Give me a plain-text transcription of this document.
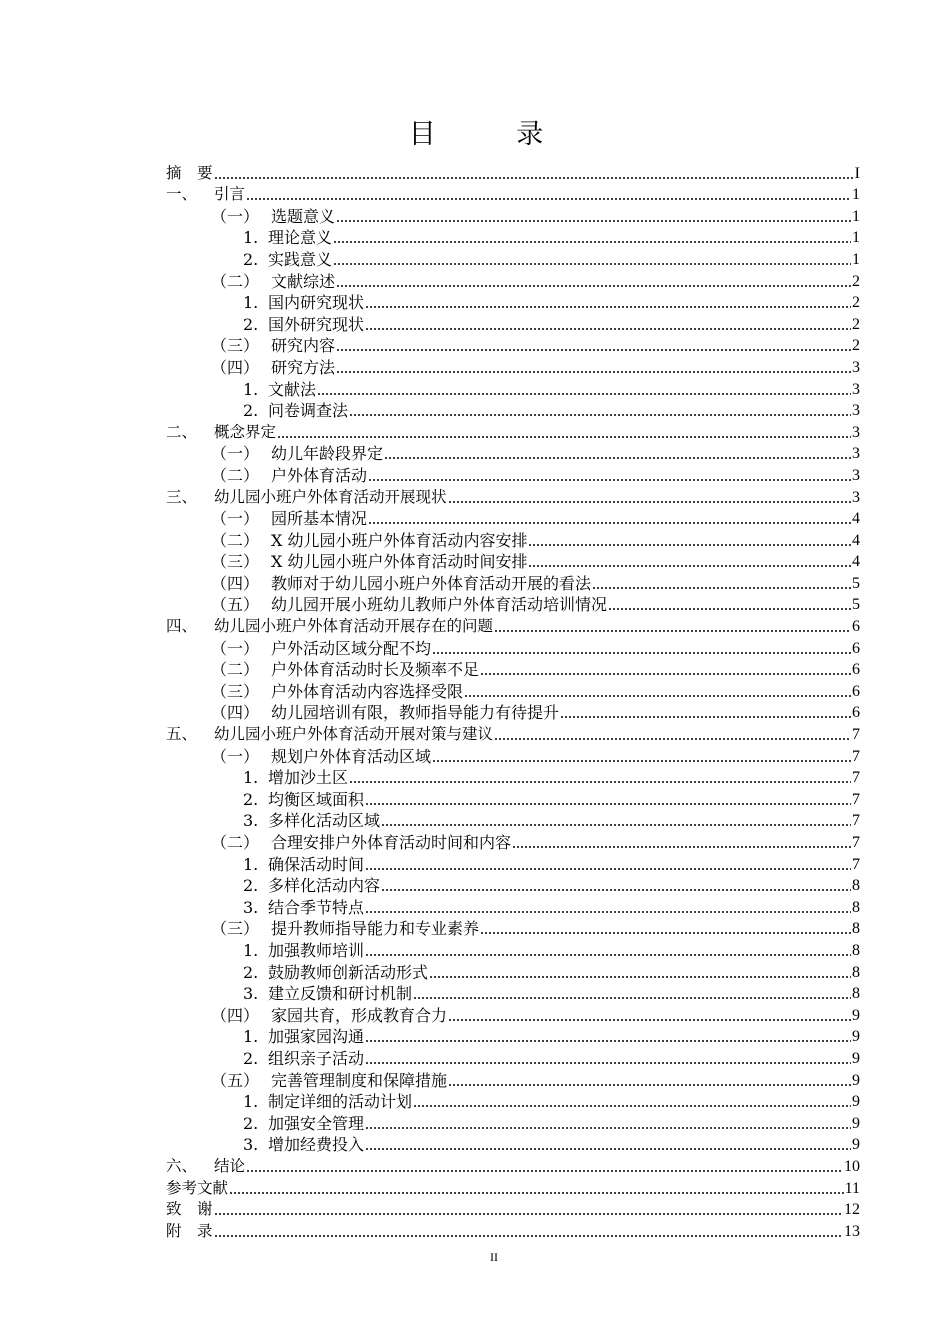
目 录
摘　要	I
一、	引言	1
（一） 选题意义	1
1. 理论意义	1
2. 实践意义	1
（二） 文献综述	2
1. 国内研究现状	2
2. 国外研究现状	2
（三） 研究内容	2
（四） 研究方法	3
1. 文献法	3
2. 问卷调查法	3
二、	概念界定	3
（一） 幼儿年龄段界定	3
（二） 户外体育活动	3
三、	幼儿园小班户外体育活动开展现状	3
（一） 园所基本情况	4
（二） X 幼儿园小班户外体育活动内容安排	4
（三） X 幼儿园小班户外体育活动时间安排	4
（四） 教师对于幼儿园小班户外体育活动开展的看法	5
（五） 幼儿园开展小班幼儿教师户外体育活动培训情况	5
四、	幼儿园小班户外体育活动开展存在的问题	6
（一） 户外活动区域分配不均	6
（二） 户外体育活动时长及频率不足	6
（三） 户外体育活动内容选择受限	6
（四） 幼儿园培训有限，教师指导能力有待提升	6
五、	幼儿园小班户外体育活动开展对策与建议	7
（一） 规划户外体育活动区域	7
1. 增加沙土区	7
2. 均衡区域面积	7
3. 多样化活动区域	7
（二） 合理安排户外体育活动时间和内容	7
1. 确保活动时间	7
2. 多样化活动内容	8
3. 结合季节特点	8
（三） 提升教师指导能力和专业素养	8
1. 加强教师培训	8
2. 鼓励教师创新活动形式	8
3. 建立反馈和研讨机制	8
（四） 家园共育，形成教育合力	9
1. 加强家园沟通	9
2. 组织亲子活动	9
（五） 完善管理制度和保障措施	9
1. 制定详细的活动计划	9
2. 加强安全管理	9
3. 增加经费投入	9
六、	结论	10
参考文献	11
致　谢	12
附　录	13
II
